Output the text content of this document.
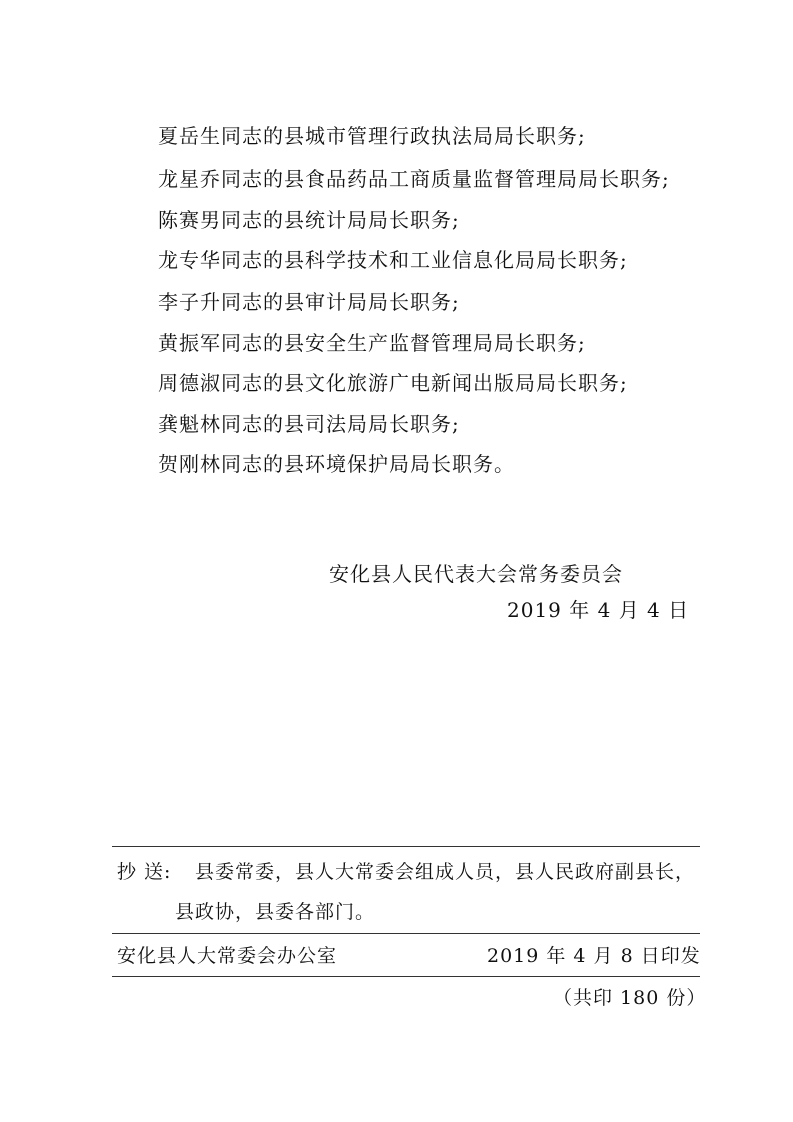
夏岳生同志的县城市管理行政执法局局长职务;
龙星乔同志的县食品药品工商质量监督管理局局长职务;
陈赛男同志的县统计局局长职务;
龙专华同志的县科学技术和工业信息化局局长职务;
李子升同志的县审计局局长职务;
黄振军同志的县安全生产监督管理局局长职务;
周德淑同志的县文化旅游广电新闻出版局局长职务;
龚魁林同志的县司法局局长职务;
贺刚林同志的县环境保护局局长职务。
安化县人民代表大会常务委员会
2019 年 4 月 4 日
抄 送: 县委常委，县人大常委会组成人员，县人民政府副县长，
县政协，县委各部门。
安化县人大常委会办公室	2019 年 4 月 8 日印发
（共印 180 份）
